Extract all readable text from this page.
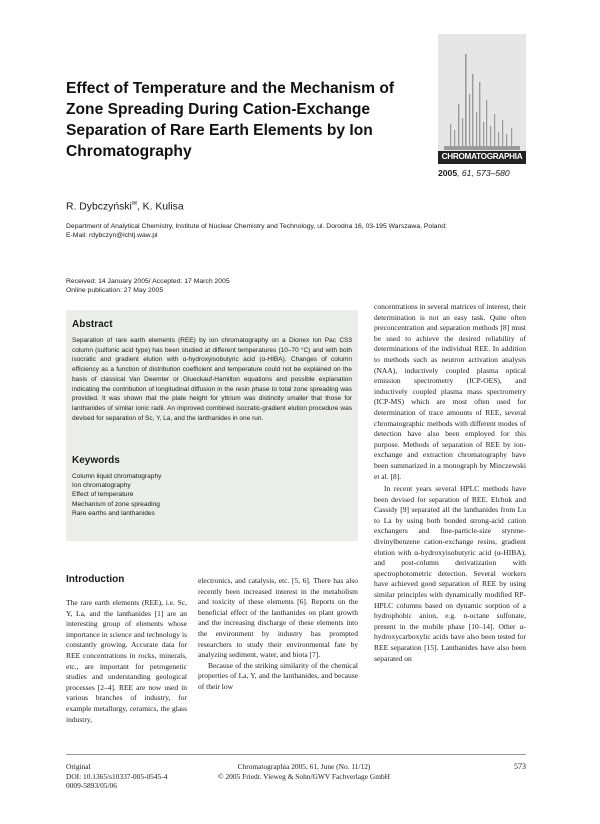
Effect of Temperature and the Mechanism of Zone Spreading During Cation-Exchange Separation of Rare Earth Elements by Ion Chromatography	CHROMATOGRAPHIA
2005, 61, 573–580
R. Dybczyński✉, K. Kulisa
Department of Analytical Chemistry, Institute of Nuclear Chemistry and Technology, ul. Dorodna 16, 03-195 Warszawa, Poland;
E-Mail: rdybczyn@ichtj.waw.pl
Received: 14 January 2005/ Accepted: 17 March 2005
Online publication: 27 May 2005
Abstract

Separation of rare earth elements (REE) by ion chromatography on a Dionex Ion Pac CS3 column (sulfonic acid type) has been studied at different temperatures (10–70 °C) and with both isocratic and gradient elution with α-hydroxyisobutyric acid (α-HIBA). Changes of column efficiency as a function of distribution coefficient and temperature could not be explained on the basis of classical Van Deemter or Glueckauf-Hamilton equations and possible explanation indicating the contribution of longitudinal diffusion in the resin phase to total zone spreading was provided. It was shown that the plate height for yttrium was distinctly smaller that those for lanthanides of similar ionic radii. An improved combined isocratic-gradient elution procedure was devised for separation of Sc, Y, La, and the lanthanides in one run.

Keywords
Column liquid chromatography
Ion chromatography
Effect of temperature
Mechanism of zone spreading
Rare earths and lanthanides
Introduction

The rare earth elements (REE), i.e. Sc, Y, La, and the lanthanides [1] are an interesting group of elements whose importance in science and technology is constantly growing. Accurate data for REE concentrations in rocks, minerals, etc., are important for petrogenetic studies and understanding geological processes [2–4]. REE are now used in various branches of industry, for example metallurgy, ceramics, the glass industry,

electronics, and catalysis, etc. [5, 6]. There has also recently been increased interest in the metabolism and toxicity of these elements [6]. Reports on the beneficial effect of the lanthanides on plant growth and the increasing discharge of these elements into the environment by industry has prompted researchers to study their environmental fate by analyzing sediment, water, and biota [7].

Because of the striking similarity of the chemical properties of La, Y, and the lanthanides, and because of their low

concentrations in several matrices of interest, their determination is not an easy task. Quite often preconcentration and separation methods [8] must be used to achieve the desired reliability of determinations of the individual REE. In addition to methods such as neutron activation analysis (NAA), inductively coupled plasma optical emission spectrometry (ICP-OES), and inductively coupled plasma mass spectrometry (ICP-MS) which are most often used for determination of trace amounts of REE, several chromatographic methods with different modes of detection have also been employed for this purpose. Methods of separation of REE by ion-exchange and extraction chromatography have been summarized in a monograph by Minczewski et al. [8].

In recent years several HPLC methods have been devised for separation of REE. Elchuk and Cassidy [9] separated all the lanthanides from Lu to La by using both bonded strong-acid cation exchangers and fine-particle-size styrene-divinylbenzene cation-exchange resins, gradient elution with α-hydroxyisobutyric acid (α-HIBA), and post-column derivatization with spectrophotometric detection. Several workers have achieved good separation of REE by using similar principles with dynamically modified RP-HPLC columns based on dynamic sorption of a hydrophobic anion, e.g. n-octane sulfonate, present in the mobile phase [10–14]. Other α-hydroxycarboxylic acids have also been tested for REE separation [15]. Lanthanides have also been separated on

Original
DOI: 10.1365/s10337-005-0545-4
0009-5893/05/06
Chromatographia 2005, 61, June (No. 11/12)
© 2005 Friedr. Vieweg & Sohn/GWV Fachverlage GmbH
573
